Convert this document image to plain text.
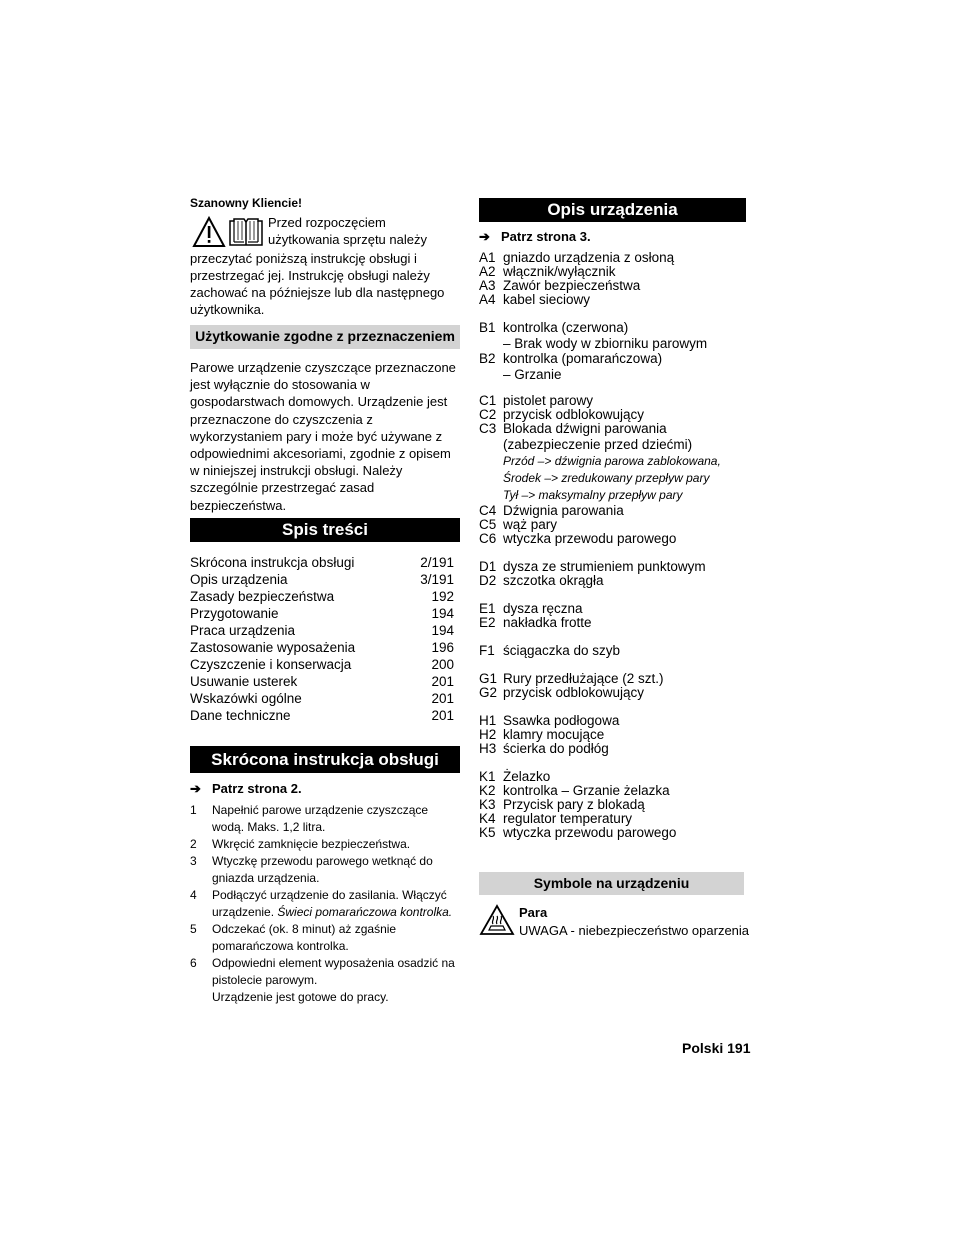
Szanowny Kliencie!

Przed rozpoczęciem

użytkowania sprzętu należy

przeczytać poniższą instrukcję obsługi i przestrzegać jej. Instrukcję obsługi należy zachować na późniejsze lub dla następnego użytkownika.

Użytkowanie zgodne z przeznaczeniem
Parowe urządzenie czyszczące przeznaczone jest wyłącznie do stosowania w gospodarstwach domowych. Urządzenie jest przeznaczone do czyszczenia z wykorzystaniem pary i może być używane z odpowiednimi akcesoriami, zgodnie z opisem w niniejszej instrukcji obsługi. Należy szczególnie przestrzegać zasad bezpieczeństwa.
Spis treści
Skrócona instrukcja obsługi	2/191
Opis urządzenia	3/191
Zasady bezpieczeństwa	192
Przygotowanie	194
Praca urządzenia	194
Zastosowanie wyposażenia	196
Czyszczenie i konserwacja	200
Usuwanie usterek	201
Wskazówki ogólne	201
Dane techniczne	201
Skrócona instrukcja obsługi
➔ Patrz strona 2.
1	Napełnić parowe urządzenie czyszczące wodą. Maks. 1,2 litra.
2	Wkręcić zamknięcie bezpieczeństwa.
3	Wtyczkę przewodu parowego wetknąć do gniazda urządzenia.
4	Podłączyć urządzenie do zasilania. Włączyć urządzenie. Świeci pomarańczowa kontrolka.
5	Odczekać (ok. 8 minut) aż zgaśnie pomarańczowa kontrolka.
6	Odpowiedni element wyposażenia osadzić na pistolecie parowym.
Urządzenie jest gotowe do pracy.
Opis urządzenia
➔ Patrz strona 3.
A1 gniazdo urządzenia z osłoną
A2 włącznik/wyłącznik
A3 Zawór bezpieczeństwa
A4 kabel sieciowy
B1 kontrolka (czerwona)
– Brak wody w zbiorniku parowym
B2 kontrolka (pomarańczowa)
– Grzanie
C1 pistolet parowy
C2 przycisk odblokowujący
C3 Blokada dźwigni parowania
(zabezpieczenie przed dziećmi)
Przód –> dźwignia parowa zablokowana,
Środek –> zredukowany przepływ pary
Tył –> maksymalny przepływ pary
C4 Dźwignia parowania
C5 wąż pary
C6 wtyczka przewodu parowego
D1 dysza ze strumieniem punktowym
D2 szczotka okrągła
E1 dysza ręczna
E2 nakładka frotte
F1 ściągaczka do szyb
G1 Rury przedłużające (2 szt.)
G2 przycisk odblokowujący
H1 Ssawka podłogowa
H2 klamry mocujące
H3 ścierka do podłóg
K1 Żelazko
K2 kontrolka – Grzanie żelazka
K3 Przycisk pary z blokadą
K4 regulator temperatury
K5 wtyczka przewodu parowego
Symbole na urządzeniu
Para
UWAGA - niebezpieczeństwo oparzenia
Polski 191
